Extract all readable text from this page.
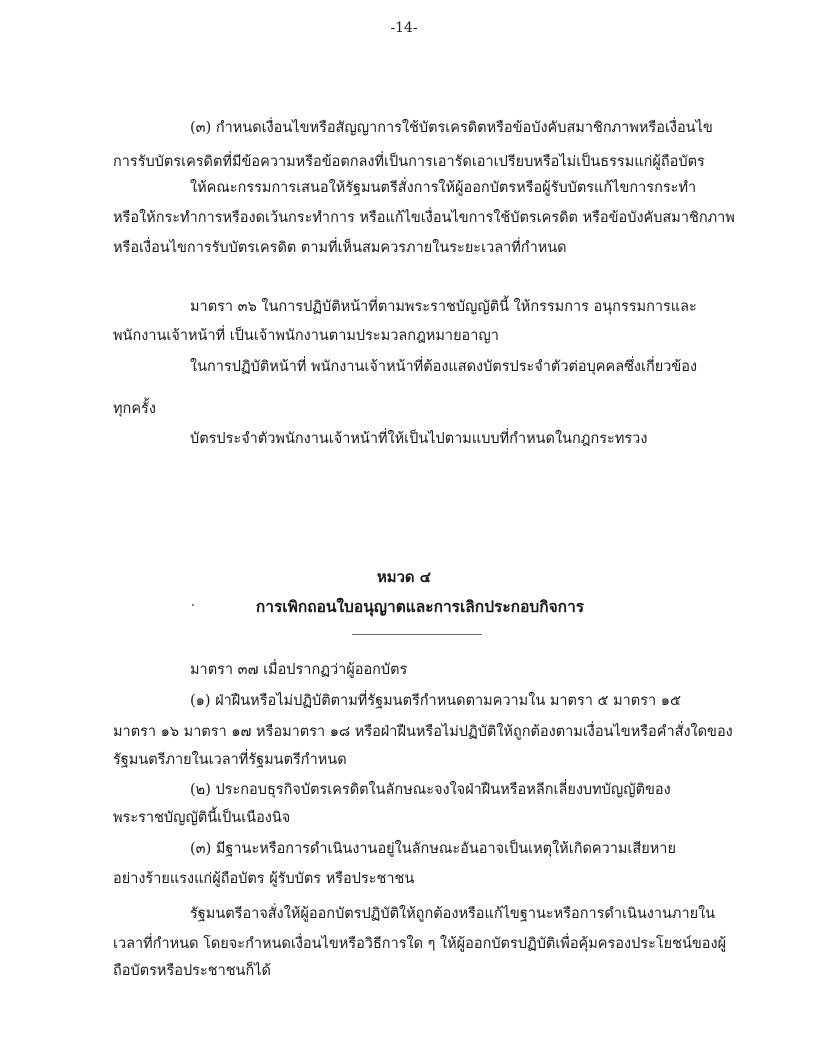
-14-
(๓) กำหนดเงื่อนไขหรือสัญญาการใช้บัตรเครดิตหรือข้อบังคับสมาชิกภาพหรือเงื่อนไข
การรับบัตรเครดิตที่มีข้อความหรือข้อตกลงที่เป็นการเอารัดเอาเปรียบหรือไม่เป็นธรรมแก่ผู้ถือบัตร
ให้คณะกรรมการเสนอให้รัฐมนตรีสั่งการให้ผู้ออกบัตรหรือผู้รับบัตรแก้ไขการกระทำ
หรือให้กระทำการหรืองดเว้นกระทำการ หรือแก้ไขเงื่อนไขการใช้บัตรเครดิต หรือข้อบังคับสมาชิกภาพ
หรือเงื่อนไขการรับบัตรเครดิต ตามที่เห็นสมควรภายในระยะเวลาที่กำหนด
มาตรา ๓๖ ในการปฏิบัติหน้าที่ตามพระราชบัญญัตินี้ ให้กรรมการ อนุกรรมการและ
พนักงานเจ้าหน้าที่ เป็นเจ้าพนักงานตามประมวลกฎหมายอาญา
ในการปฏิบัติหน้าที่ พนักงานเจ้าหน้าที่ต้องแสดงบัตรประจำตัวต่อบุคคลซึ่งเกี่ยวข้อง
ทุกครั้ง
บัตรประจำตัวพนักงานเจ้าหน้าที่ให้เป็นไปตามแบบที่กำหนดในกฎกระทรวง
หมวด ๔
การเพิกถอนใบอนุญาตและการเลิกประกอบกิจการ
มาตรา ๓๗ เมื่อปรากฏว่าผู้ออกบัตร
(๑) ฝ่าฝืนหรือไม่ปฏิบัติตามที่รัฐมนตรีกำหนดตามความใน มาตรา ๕ มาตรา ๑๕
มาตรา ๑๖ มาตรา ๑๗ หรือมาตรา ๑๘ หรือฝ่าฝืนหรือไม่ปฏิบัติให้ถูกต้องตามเงื่อนไขหรือคำสั่งใดของ
รัฐมนตรีภายในเวลาที่รัฐมนตรีกำหนด
(๒) ประกอบธุรกิจบัตรเครดิตในลักษณะจงใจฝ่าฝืนหรือหลีกเลี่ยงบทบัญญัติของ
พระราชบัญญัตินี้เป็นเนืองนิจ
(๓) มีฐานะหรือการดำเนินงานอยู่ในลักษณะอันอาจเป็นเหตุให้เกิดความเสียหาย
อย่างร้ายแรงแก่ผู้ถือบัตร ผู้รับบัตร หรือประชาชน
รัฐมนตรีอาจสั่งให้ผู้ออกบัตรปฏิบัติให้ถูกต้องหรือแก้ไขฐานะหรือการดำเนินงานภายใน
เวลาที่กำหนด โดยจะกำหนดเงื่อนไขหรือวิธีการใด ๆ ให้ผู้ออกบัตรปฏิบัติเพื่อคุ้มครองประโยชน์ของผู้
ถือบัตรหรือประชาชนก็ได้
